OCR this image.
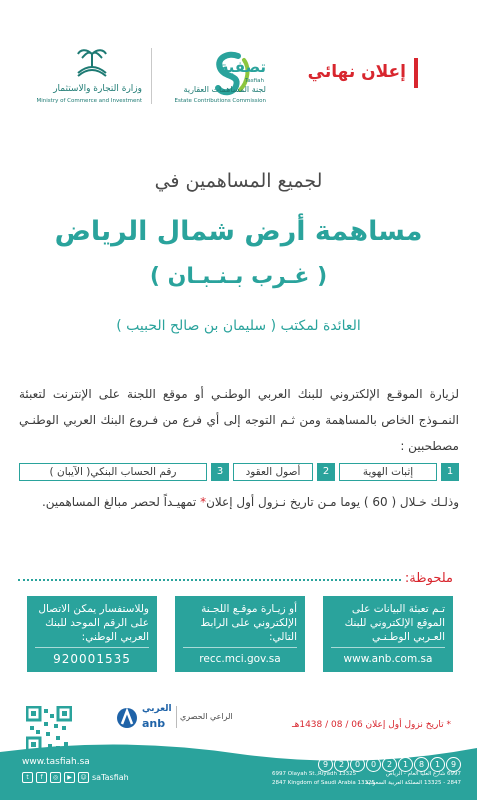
إعلان نهائي
تصفية
Tasfiah
لجنة المساهمات العقارية
Estate Contributions Commission
وزارة التجارة والاستثمار
Ministry of Commerce and Investment
لجميع المساهمين في
مساهمة أرض شمال الرياض
( غـرب بـنـبـان )
العائدة لمكتب ( سليمان بن صالح الحبيب )
لزيارة الموقـع الإلكتروني للبنك العربي الوطنـي أو موقع اللجنة على الإنترنت لتعبئة النمـوذج الخاص بالمساهمة ومن ثـم التوجه إلى أي فرع من فـروع البنك العربي الوطنـي مصطحبين :
1
إثبات الهوية
2
أصول العقود
3
رقم الحساب البنكي( الآيبان )
وذلـك خـلال ( 60 ) يوما مـن تاريخ نـزول أول إعلان* تمهيـداً لحصر مبالغ المساهمين.
ملحوظة:
تـم تعبئة البيانات على الموقع الإلكتروني للبنك العـربي الوطـنـي
www.anb.com.sa
أو زيـارة موقـع اللجـنة الإلكتروني على الرابط التالي:
recc.mci.gov.sa
وللاستفسار يمكن الاتصال على الرقم الموحد للبنك العربي الوطني:
920001535
* تاريخ نزول أول إعلان 06 / 08 / 1438هـ
الراعي الحصري
العربي
anb
9 2 0 0 2 1 8 1 9
6997 Olayah St.,Riyadh 13325
2847 Kingdom of Saudi Arabia 13325
6997 شارع العليا العام - الرياض
2847 - 13325 المملكة العربية السعودية
www.tasfiah.sa
t f ◎ ▶ ☺ saTasfiah
